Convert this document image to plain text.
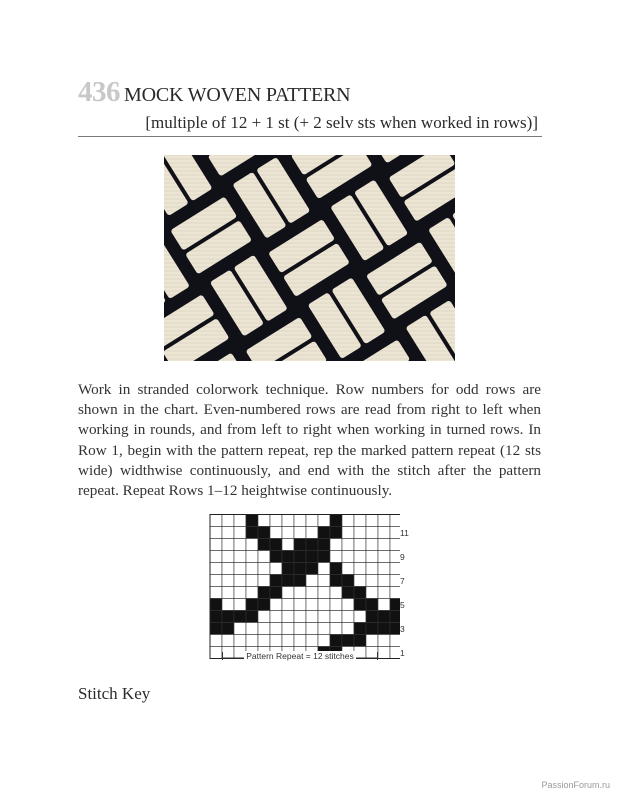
436 MOCK WOVEN PATTERN
[multiple of 12 + 1 st (+ 2 selv sts when worked in rows)]

Work in stranded colorwork technique. Row numbers for odd rows are shown in the chart. Even-numbered rows are read from right to left when working in rounds, and from left to right when working in turned rows. In Row 1, begin with the pattern repeat, rep the marked pattern repeat (12 sts wide) widthwise continuously, and end with the stitch after the pattern repeat. Repeat Rows 1–12 heightwise continuously.

11
9
7
5
3
1
Pattern Repeat = 12 stitches
Stitch Key
PassionForum.ru
